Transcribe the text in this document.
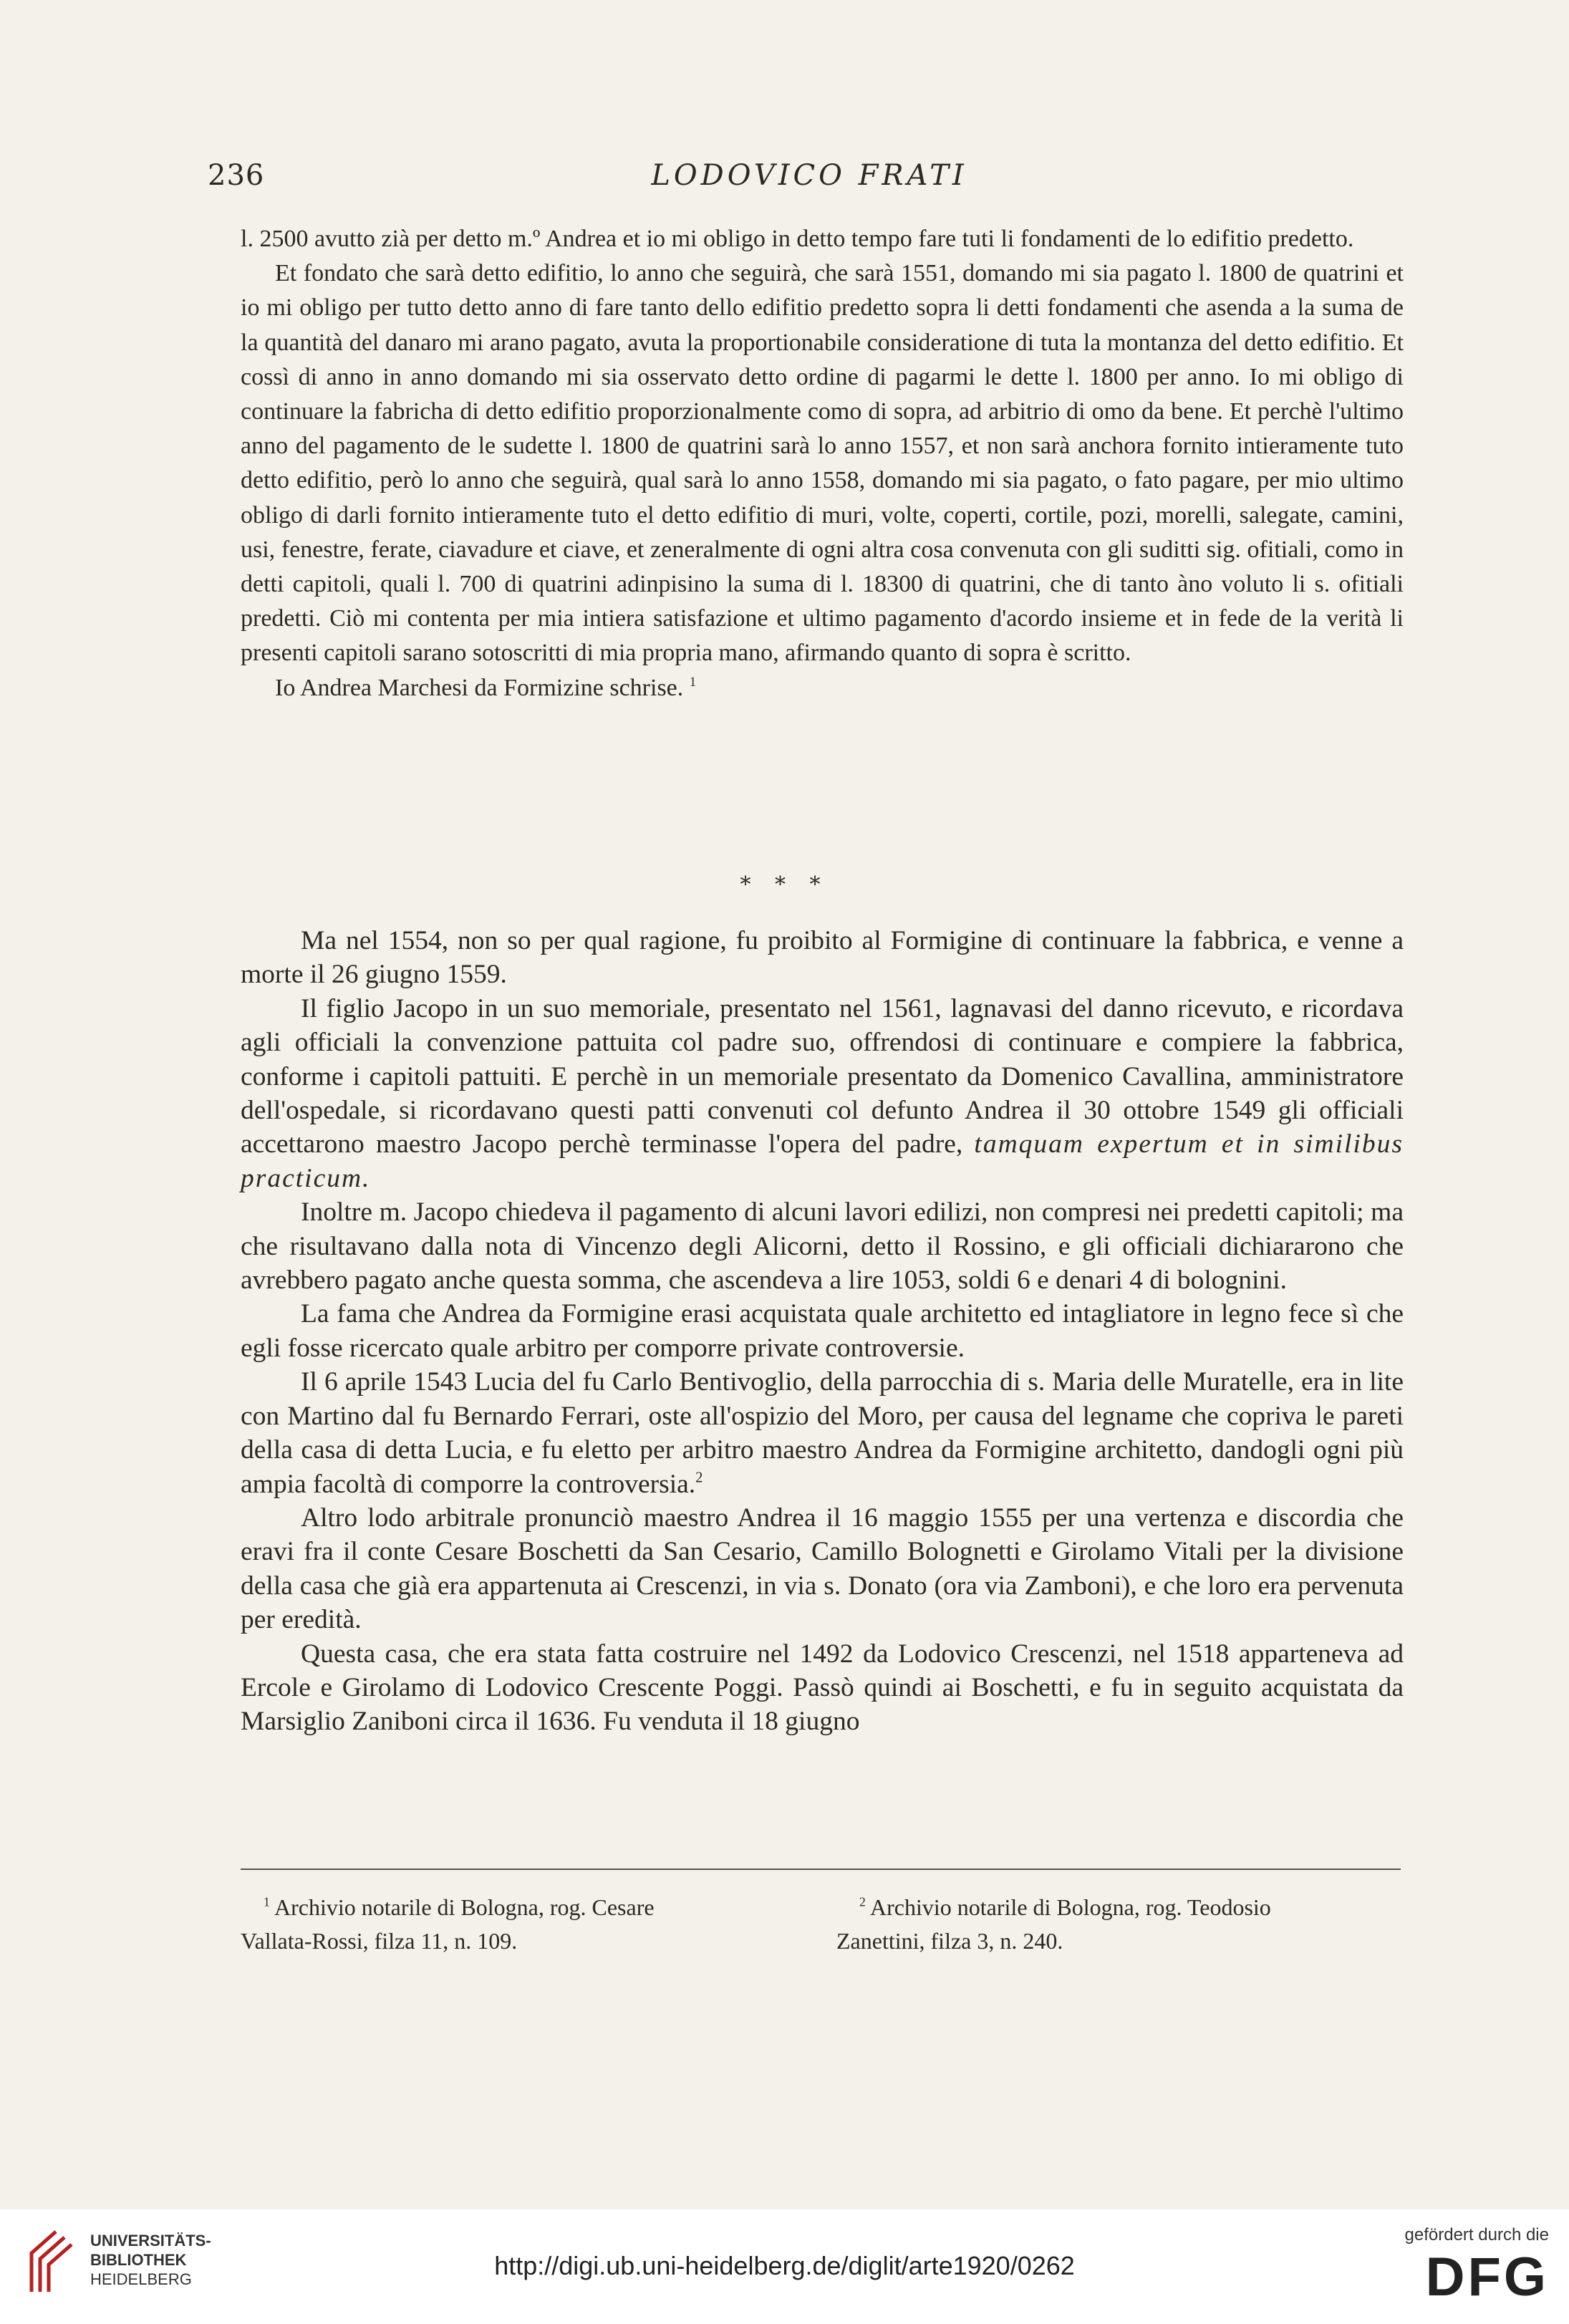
236	LODOVICO FRATI

l. 2500 avutto zià per detto m.º Andrea et io mi obligo in detto tempo fare tuti li fondamenti de lo edifitio predetto.

Et fondato che sarà detto edifitio, lo anno che seguirà, che sarà 1551, domando mi sia pagato l. 1800 de quatrini et io mi obligo per tutto detto anno di fare tanto dello edifitio predetto sopra li detti fondamenti che asenda a la suma de la quantità del danaro mi arano pagato, avuta la proportionabile consideratione di tuta la montanza del detto edifitio. Et cossì di anno in anno domando mi sia osservato detto ordine di pagarmi le dette l. 1800 per anno. Io mi obligo di continuare la fabricha di detto edifitio proporzionalmente como di sopra, ad arbitrio di omo da bene. Et perchè l'ultimo anno del pagamento de le sudette l. 1800 de quatrini sarà lo anno 1557, et non sarà anchora fornito intieramente tuto detto edifitio, però lo anno che seguirà, qual sarà lo anno 1558, domando mi sia pagato, o fato pagare, per mio ultimo obligo di darli fornito intieramente tuto el detto edifitio di muri, volte, coperti, cortile, pozi, morelli, salegate, camini, usi, fenestre, ferate, ciavadure et ciave, et zeneralmente di ogni altra cosa convenuta con gli suditti sig. ofitiali, como in detti capitoli, quali l. 700 di quatrini adinpisino la suma di l. 18300 di quatrini, che di tanto àno voluto li s. ofitiali predetti. Ciò mi contenta per mia intiera satisfazione et ultimo pagamento d'acordo insieme et in fede de la verità li presenti capitoli sarano sotoscritti di mia propria mano, afirmando quanto di sopra è scritto.

Io Andrea Marchesi da Formizine schrise. $^1$

* * *

Ma nel 1554, non so per qual ragione, fu proibito al Formigine di continuare la fabbrica, e venne a morte il 26 giugno 1559.

Il figlio Jacopo in un suo memoriale, presentato nel 1561, lagnavasi del danno ricevuto, e ricordava agli officiali la convenzione pattuita col padre suo, offrendosi di continuare e compiere la fabbrica, conforme i capitoli pattuiti. E perchè in un memoriale presentato da Domenico Cavallina, amministratore dell'ospedale, si ricordavano questi patti convenuti col defunto Andrea il 30 ottobre 1549 gli officiali accettarono maestro Jacopo perchè terminasse l'opera del padre, tamquam expertum et in similibus practicum.

Inoltre m. Jacopo chiedeva il pagamento di alcuni lavori edilizi, non compresi nei predetti capitoli; ma che risultavano dalla nota di Vincenzo degli Alicorni, detto il Rossino, e gli officiali dichiararono che avrebbero pagato anche questa somma, che ascendeva a lire 1053, soldi 6 e denari 4 di bolognini.

La fama che Andrea da Formigine erasi acquistata quale architetto ed intagliatore in legno fece sì che egli fosse ricercato quale arbitro per comporre private controversie.

Il 6 aprile 1543 Lucia del fu Carlo Bentivoglio, della parrocchia di s. Maria delle Muratelle, era in lite con Martino dal fu Bernardo Ferrari, oste all'ospizio del Moro, per causa del legname che copriva le pareti della casa di detta Lucia, e fu eletto per arbitro maestro Andrea da Formigine architetto, dandogli ogni più ampia facoltà di comporre la controversia.$^2$

Altro lodo arbitrale pronunciò maestro Andrea il 16 maggio 1555 per una vertenza e discordia che eravi fra il conte Cesare Boschetti da San Cesario, Camillo Bolognetti e Girolamo Vitali per la divisione della casa che già era appartenuta ai Crescenzi, in via s. Donato (ora via Zamboni), e che loro era pervenuta per eredità.

Questa casa, che era stata fatta costruire nel 1492 da Lodovico Crescenzi, nel 1518 apparteneva ad Ercole e Girolamo di Lodovico Crescente Poggi. Passò quindi ai Boschetti, e fu in seguito acquistata da Marsiglio Zaniboni circa il 1636. Fu venduta il 18 giugno

$^1$ Archivio notarile di Bologna, rog. Cesare
Vallata-Rossi, filza 11, n. 109.
$^2$ Archivio notarile di Bologna, rog. Teodosio
Zanettini, filza 3, n. 240.
UNIVERSITÄTS-
BIBLIOTHEK
HEIDELBERG	http://digi.ub.uni-heidelberg.de/diglit/arte1920/0262
gefördert durch die
DFG
